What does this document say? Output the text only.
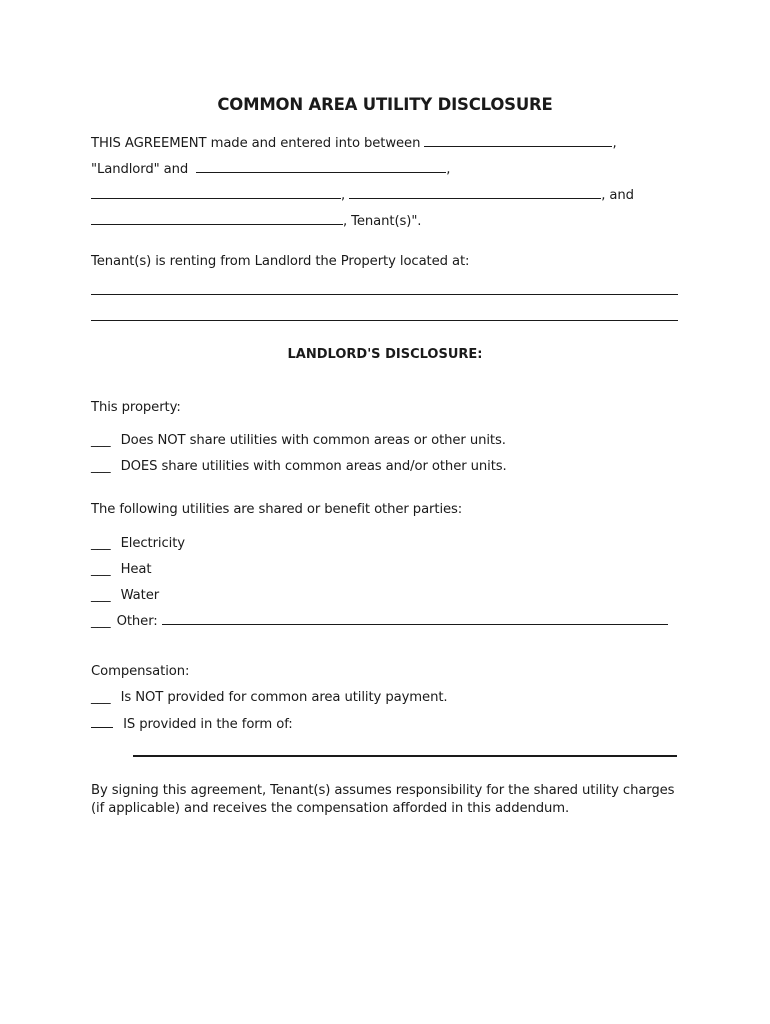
COMMON AREA UTILITY DISCLOSURE
THIS AGREEMENT made and entered into between	,
"Landlord" and	,
,	, and
, Tenant(s)".
Tenant(s) is renting from Landlord the Property located at:
LANDLORD'S DISCLOSURE:
This property:
___ Does NOT share utilities with common areas or other units.
___ DOES share utilities with common areas and/or other units.
The following utilities are shared or benefit other parties:
___ Electricity
___ Heat
___ Water
___ Other:
Compensation:
___ Is NOT provided for common area utility payment.
IS provided in the form of:
By signing this agreement, Tenant(s) assumes responsibility for the shared utility charges (if applicable) and receives the compensation afforded in this addendum.
